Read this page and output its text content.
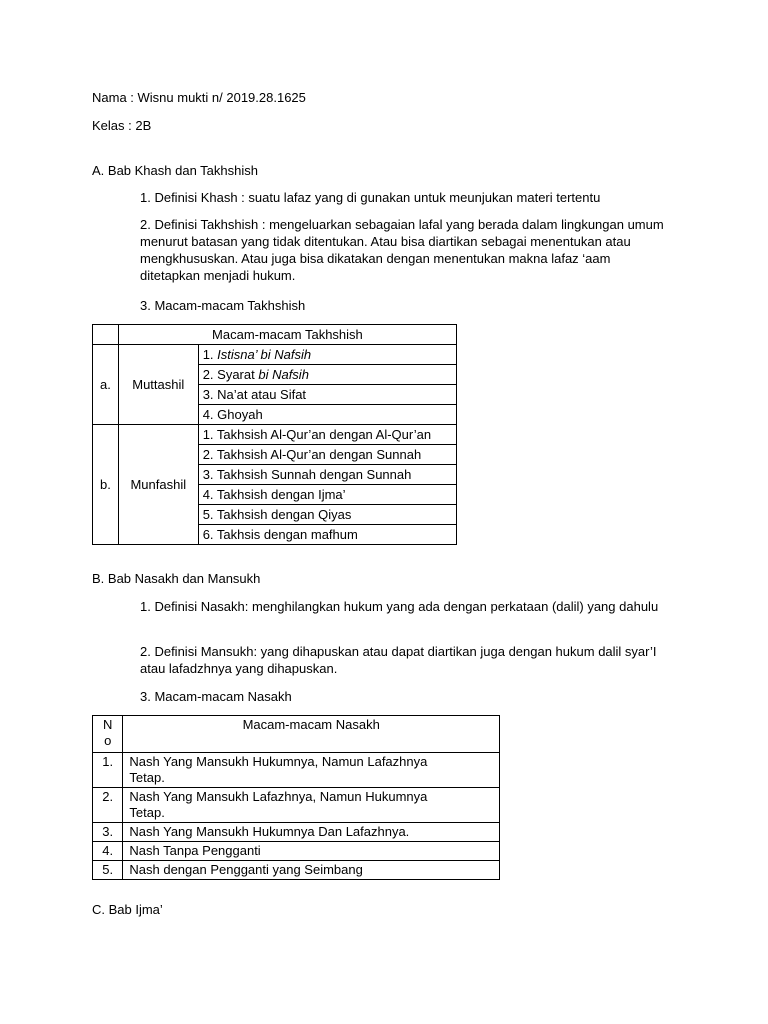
Nama : Wisnu mukti n/ 2019.28.1625

Kelas : 2B

A. Bab Khash dan Takhshish

1. Definisi Khash : suatu lafaz yang di gunakan untuk meunjukan materi tertentu

2. Definisi Takhshish : mengeluarkan sebagaian lafal yang berada dalam lingkungan umum menurut batasan yang tidak ditentukan. Atau bisa diartikan sebagai menentukan atau mengkhususkan. Atau juga bisa dikatakan dengan menentukan makna lafaz ‘aam ditetapkan menjadi hukum.

3. Macam-macam Takhshish

	Macam-macam Takhshish	
a.	Muttashil	1. Istisna’ bi Nafsih
		2. Syarat bi Nafsih
		3. Na’at atau Sifat
		4. Ghoyah
b.	Munfashil	1. Takhsish Al-Qur’an dengan Al-Qur’an
		2. Takhsish Al-Qur’an dengan Sunnah
		3. Takhsish Sunnah dengan Sunnah
		4. Takhsish dengan Ijma’
		5. Takhsish dengan Qiyas
		6. Takhsis dengan mafhum

B. Bab Nasakh dan Mansukh

1. Definisi Nasakh: menghilangkan hukum yang ada dengan perkataan (dalil) yang dahulu

2. Definisi Mansukh: yang dihapuskan atau dapat diartikan juga dengan hukum dalil syar’I atau lafadzhnya yang dihapuskan.

3. Macam-macam Nasakh

No	Macam-macam Nasakh
1.	Nash Yang Mansukh Hukumnya, Namun Lafazhnya Tetap.
2.	Nash Yang Mansukh Lafazhnya, Namun Hukumnya Tetap.
3.	Nash Yang Mansukh Hukumnya Dan Lafazhnya.
4.	Nash Tanpa Pengganti
5.	Nash dengan Pengganti yang Seimbang

C. Bab Ijma’
